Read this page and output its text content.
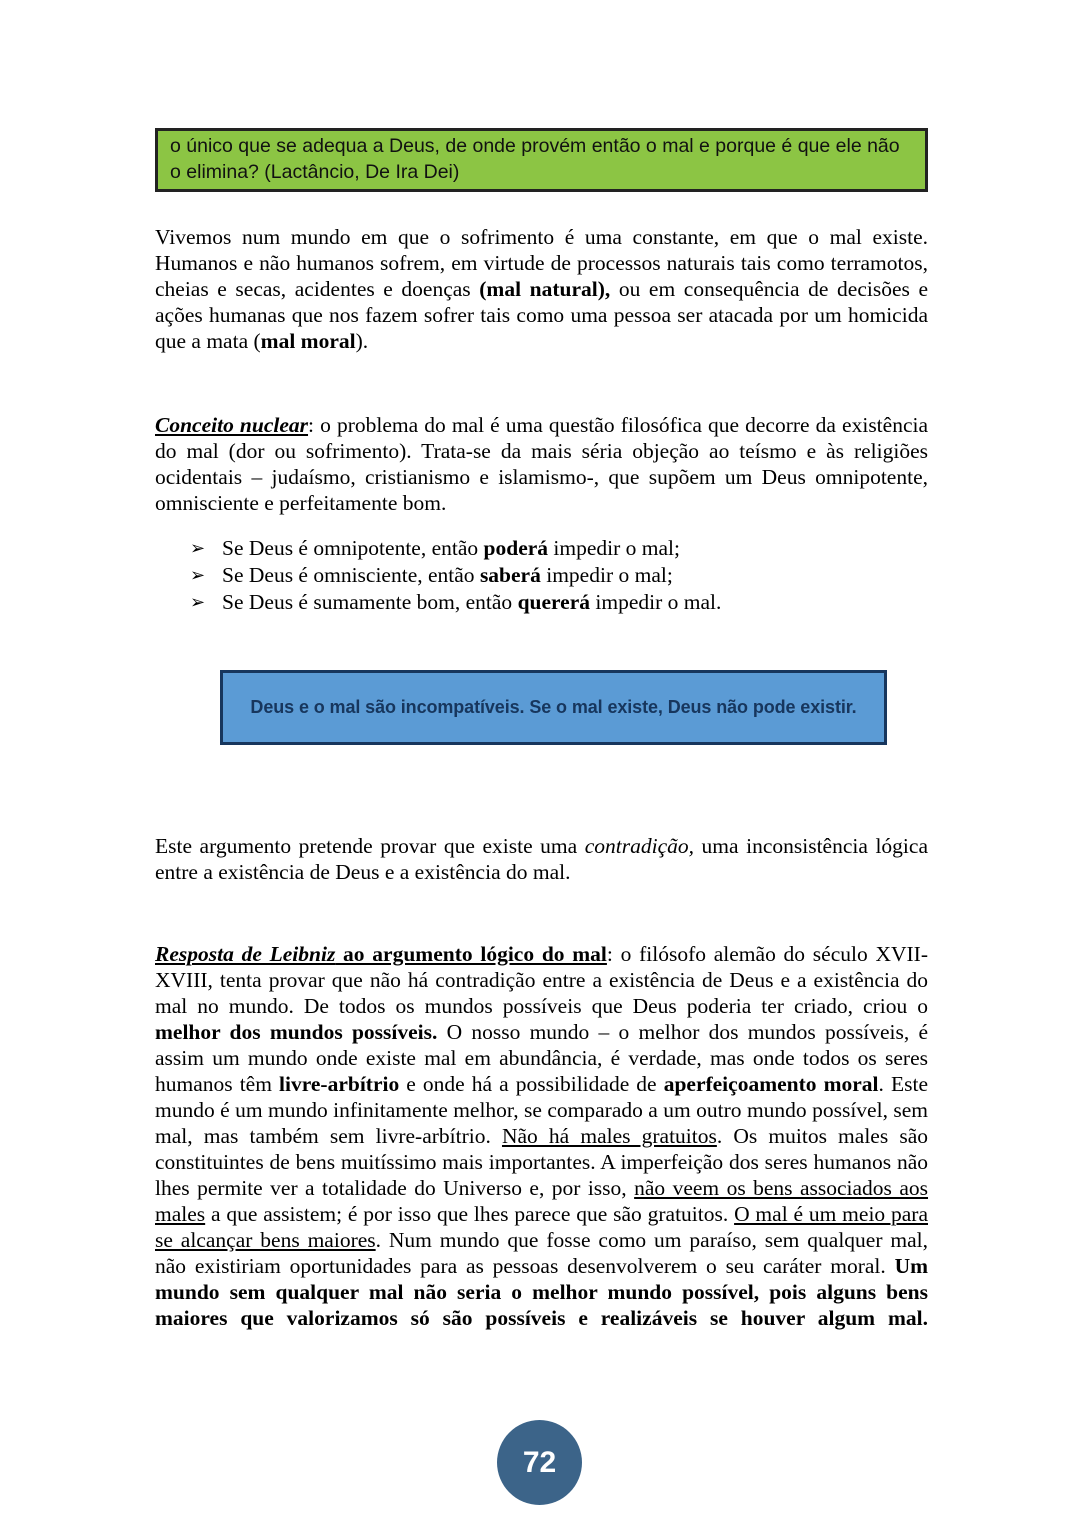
o único que se adequa a Deus, de onde provém então o mal e porque é que ele não o elimina? (Lactâncio, De Ira Dei)
Vivemos num mundo em que o sofrimento é uma constante, em que o mal existe. Humanos e não humanos sofrem, em virtude de processos naturais tais como terramotos, cheias e secas, acidentes e doenças (mal natural), ou em consequência de decisões e ações humanas que nos fazem sofrer tais como uma pessoa ser atacada por um homicida que a mata (mal moral).
Conceito nuclear: o problema do mal é uma questão filosófica que decorre da existência do mal (dor ou sofrimento). Trata-se da mais séria objeção ao teísmo e às religiões ocidentais – judaísmo, cristianismo e islamismo-, que supõem um Deus omnipotente, omnisciente e perfeitamente bom.
➢ Se Deus é omnipotente, então poderá impedir o mal;
➢ Se Deus é omnisciente, então saberá impedir o mal;
➢ Se Deus é sumamente bom, então quererá impedir o mal.
Deus e o mal são incompatíveis. Se o mal existe, Deus não pode existir.
Este argumento pretende provar que existe uma contradição, uma inconsistência lógica entre a existência de Deus e a existência do mal.
Resposta de Leibniz ao argumento lógico do mal: o filósofo alemão do século XVII-XVIII, tenta provar que não há contradição entre a existência de Deus e a existência do mal no mundo. De todos os mundos possíveis que Deus poderia ter criado, criou o melhor dos mundos possíveis. O nosso mundo – o melhor dos mundos possíveis, é assim um mundo onde existe mal em abundância, é verdade, mas onde todos os seres humanos têm livre-arbítrio e onde há a possibilidade de aperfeiçoamento moral. Este mundo é um mundo infinitamente melhor, se comparado a um outro mundo possível, sem mal, mas também sem livre-arbítrio. Não há males gratuitos. Os muitos males são constituintes de bens muitíssimo mais importantes. A imperfeição dos seres humanos não lhes permite ver a totalidade do Universo e, por isso, não veem os bens associados aos males a que assistem; é por isso que lhes parece que são gratuitos. O mal é um meio para se alcançar bens maiores. Num mundo que fosse como um paraíso, sem qualquer mal, não existiriam oportunidades para as pessoas desenvolverem o seu caráter moral. Um mundo sem qualquer mal não seria o melhor mundo possível, pois alguns bens maiores que valorizamos só são possíveis e realizáveis se houver algum mal.
72
